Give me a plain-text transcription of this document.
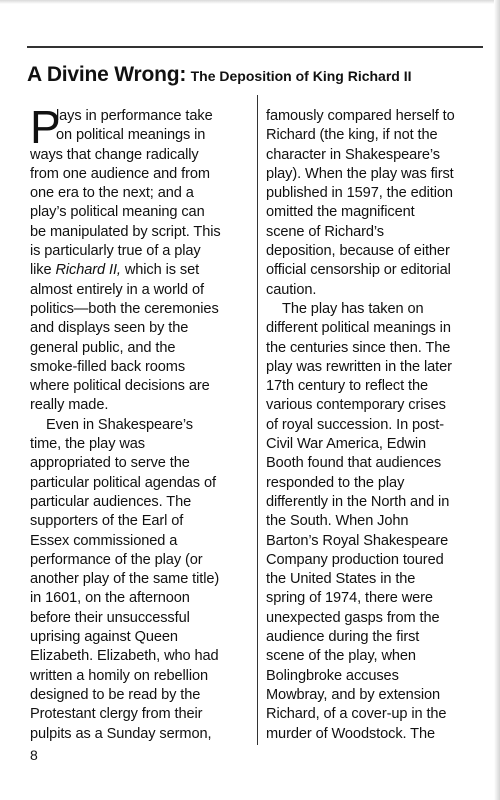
A Divine Wrong: The Deposition of King Richard II
P
lays in performance take
on political meanings in
ways that change radically
from one audience and from
one era to the next; and a
play’s political meaning can
be manipulated by script. This
is particularly true of a play
like Richard II, which is set
almost entirely in a world of
politics—both the ceremonies
and displays seen by the
general public, and the
smoke-filled back rooms
where political decisions are
really made.
Even in Shakespeare’s
time, the play was
appropriated to serve the
particular political agendas of
particular audiences. The
supporters of the Earl of
Essex commissioned a
performance of the play (or
another play of the same title)
in 1601, on the afternoon
before their unsuccessful
uprising against Queen
Elizabeth. Elizabeth, who had
written a homily on rebellion
designed to be read by the
Protestant clergy from their
pulpits as a Sunday sermon,
famously compared herself to
Richard (the king, if not the
character in Shakespeare’s
play). When the play was first
published in 1597, the edition
omitted the magnificent
scene of Richard’s
deposition, because of either
official censorship or editorial
caution.
The play has taken on
different political meanings in
the centuries since then. The
play was rewritten in the later
17th century to reflect the
various contemporary crises
of royal succession. In post-
Civil War America, Edwin
Booth found that audiences
responded to the play
differently in the North and in
the South. When John
Barton’s Royal Shakespeare
Company production toured
the United States in the
spring of 1974, there were
unexpected gasps from the
audience during the first
scene of the play, when
Bolingbroke accuses
Mowbray, and by extension
Richard, of a cover-up in the
murder of Woodstock. The
8
